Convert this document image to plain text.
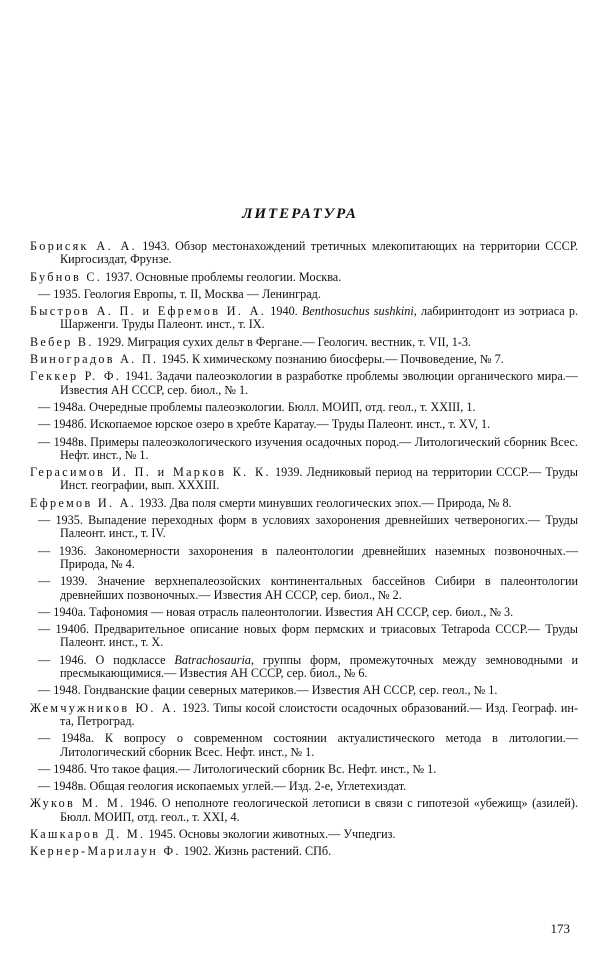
ЛИТЕРАТУРА
Борисяк А. А. 1943. Обзор местонахождений третичных млекопитающих на территории СССР. Киргосиздат, Фрунзе.
Бубнов С. 1937. Основные проблемы геологии. Москва.
— 1935. Геология Европы, т. II, Москва — Ленинград.
Быстров А. П. и Ефремов И. А. 1940. Benthosuchus sushkini, лабиринтодонт из эотриаса р. Шарженги. Труды Палеонт. инст., т. IX.
Вебер В. 1929. Миграция сухих дельт в Фергане.— Геологич. вестник, т. VII, 1-3.
Виноградов А. П. 1945. К химическому познанию биосферы.— Почвоведение, № 7.
Геккер Р. Ф. 1941. Задачи палеоэкологии в разработке проблемы эволюции органического мира.— Известия АН СССР, сер. биол., № 1.
— 1948а. Очередные проблемы палеоэкологии. Бюлл. МОИП, отд. геол., т. XXIII, 1.
— 1948б. Ископаемое юрское озеро в хребте Каратау.— Труды Палеонт. инст., т. XV, 1.
— 1948в. Примеры палеоэкологического изучения осадочных пород.— Литологический сборник Всес. Нефт. инст., № 1.
Герасимов И. П. и Марков К. К. 1939. Ледниковый период на территории СССР.— Труды Инст. географии, вып. XXXIII.
Ефремов И. А. 1933. Два поля смерти минувших геологических эпох.— Природа, № 8.
— 1935. Выпадение переходных форм в условиях захоронения древнейших четвероногих.— Труды Палеонт. инст., т. IV.
— 1936. Закономерности захоронения в палеонтологии древнейших наземных позвоночных.— Природа, № 4.
— 1939. Значение верхнепалеозойских континентальных бассейнов Сибири в палеонтологии древнейших позвоночных.— Известия АН СССР, сер. биол., № 2.
— 1940а. Тафономия — новая отрасль палеонтологии. Известия АН СССР, сер. биол., № 3.
— 1940б. Предварительное описание новых форм пермских и триасовых Tetrapoda СССР.— Труды Палеонт. инст., т. X.
— 1946. О подклассе Batrachosauria, группы форм, промежуточных между земноводными и пресмыкающимися.— Известия АН СССР, сер. биол., № 6.
— 1948. Гондванские фации северных материков.— Известия АН СССР, сер. геол., № 1.
Жемчужников Ю. А. 1923. Типы косой слоистости осадочных образований.— Изд. Географ. ин-та, Петроград.
— 1948а. К вопросу о современном состоянии актуалистического метода в литологии.— Литологический сборник Всес. Нефт. инст., № 1.
— 1948б. Что такое фация.— Литологический сборник Вс. Нефт. инст., № 1.
— 1948в. Общая геология ископаемых углей.— Изд. 2-е, Углетехиздат.
Жуков М. М. 1946. О неполноте геологической летописи в связи с гипотезой «убежищ» (азилей). Бюлл. МОИП, отд. геол., т. XXI, 4.
Кашкаров Д. М. 1945. Основы экологии животных.— Учпедгиз.
Кернер-Марилаун Ф. 1902. Жизнь растений. СПб.
173
